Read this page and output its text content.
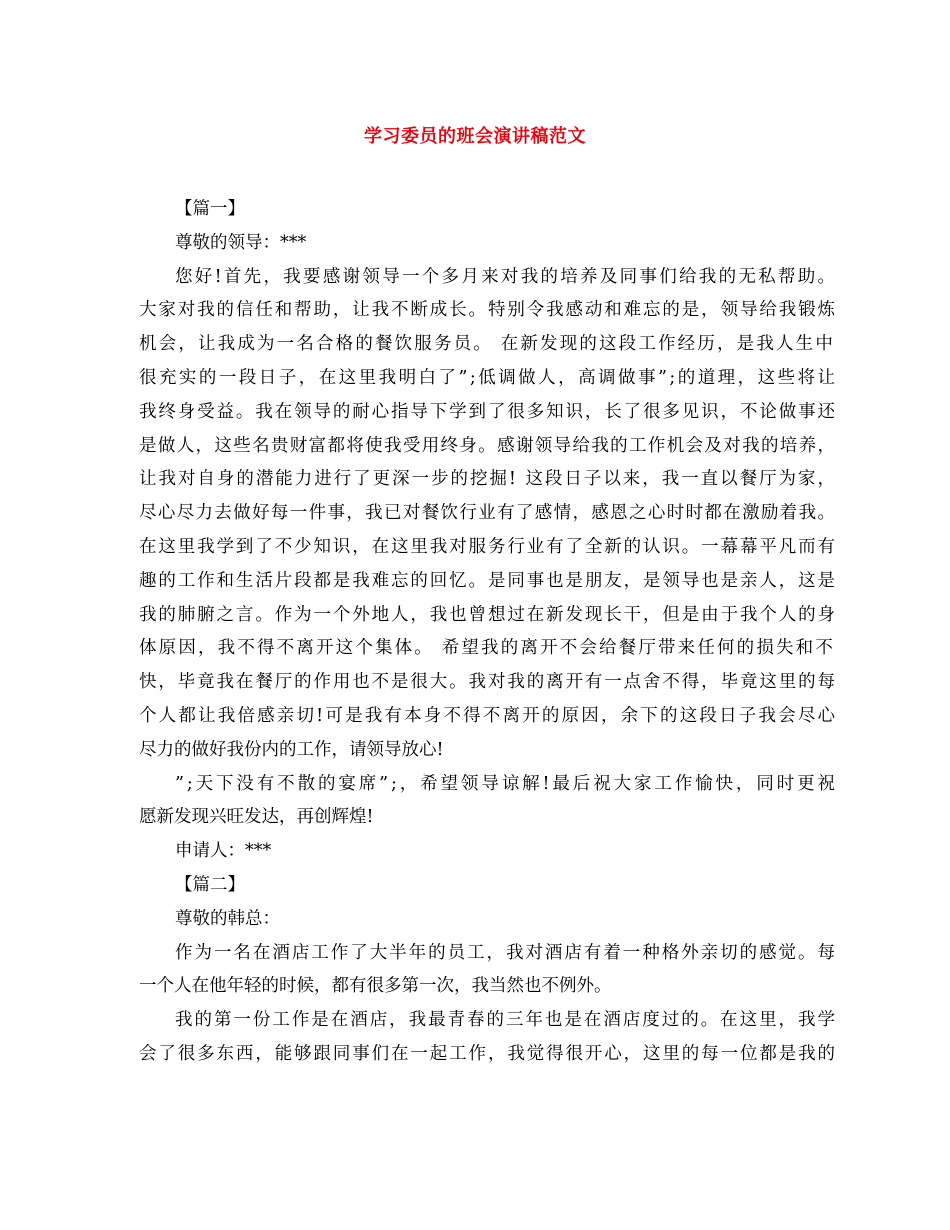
学习委员的班会演讲稿范文
【篇一】
尊敬的领导：***
您好!首先，我要感谢领导一个多月来对我的培养及同事们给我的无私帮助。
大家对我的信任和帮助，让我不断成长。特别令我感动和难忘的是，领导给我锻炼
机会，让我成为一名合格的餐饮服务员。 在新发现的这段工作经历，是我人生中
很充实的一段日子，在这里我明白了”;低调做人，高调做事”;的道理，这些将让
我终身受益。我在领导的耐心指导下学到了很多知识，长了很多见识，不论做事还
是做人，这些名贵财富都将使我受用终身。感谢领导给我的工作机会及对我的培养，
让我对自身的潜能力进行了更深一步的挖掘! 这段日子以来，我一直以餐厅为家，
尽心尽力去做好每一件事，我已对餐饮行业有了感情，感恩之心时时都在激励着我。
在这里我学到了不少知识，在这里我对服务行业有了全新的认识。一幕幕平凡而有
趣的工作和生活片段都是我难忘的回忆。是同事也是朋友，是领导也是亲人，这是
我的肺腑之言。作为一个外地人，我也曾想过在新发现长干，但是由于我个人的身
体原因，我不得不离开这个集体。 希望我的离开不会给餐厅带来任何的损失和不
快，毕竟我在餐厅的作用也不是很大。我对我的离开有一点舍不得，毕竟这里的每
个人都让我倍感亲切!可是我有本身不得不离开的原因，余下的这段日子我会尽心
尽力的做好我份内的工作，请领导放心!
”;天下没有不散的宴席”;，希望领导谅解!最后祝大家工作愉快，同时更祝
愿新发现兴旺发达，再创辉煌!
申请人：***
【篇二】
尊敬的韩总：
作为一名在酒店工作了大半年的员工，我对酒店有着一种格外亲切的感觉。每
一个人在他年轻的时候，都有很多第一次，我当然也不例外。
我的第一份工作是在酒店，我最青春的三年也是在酒店度过的。在这里，我学
会了很多东西，能够跟同事们在一起工作，我觉得很开心，这里的每一位都是我的
